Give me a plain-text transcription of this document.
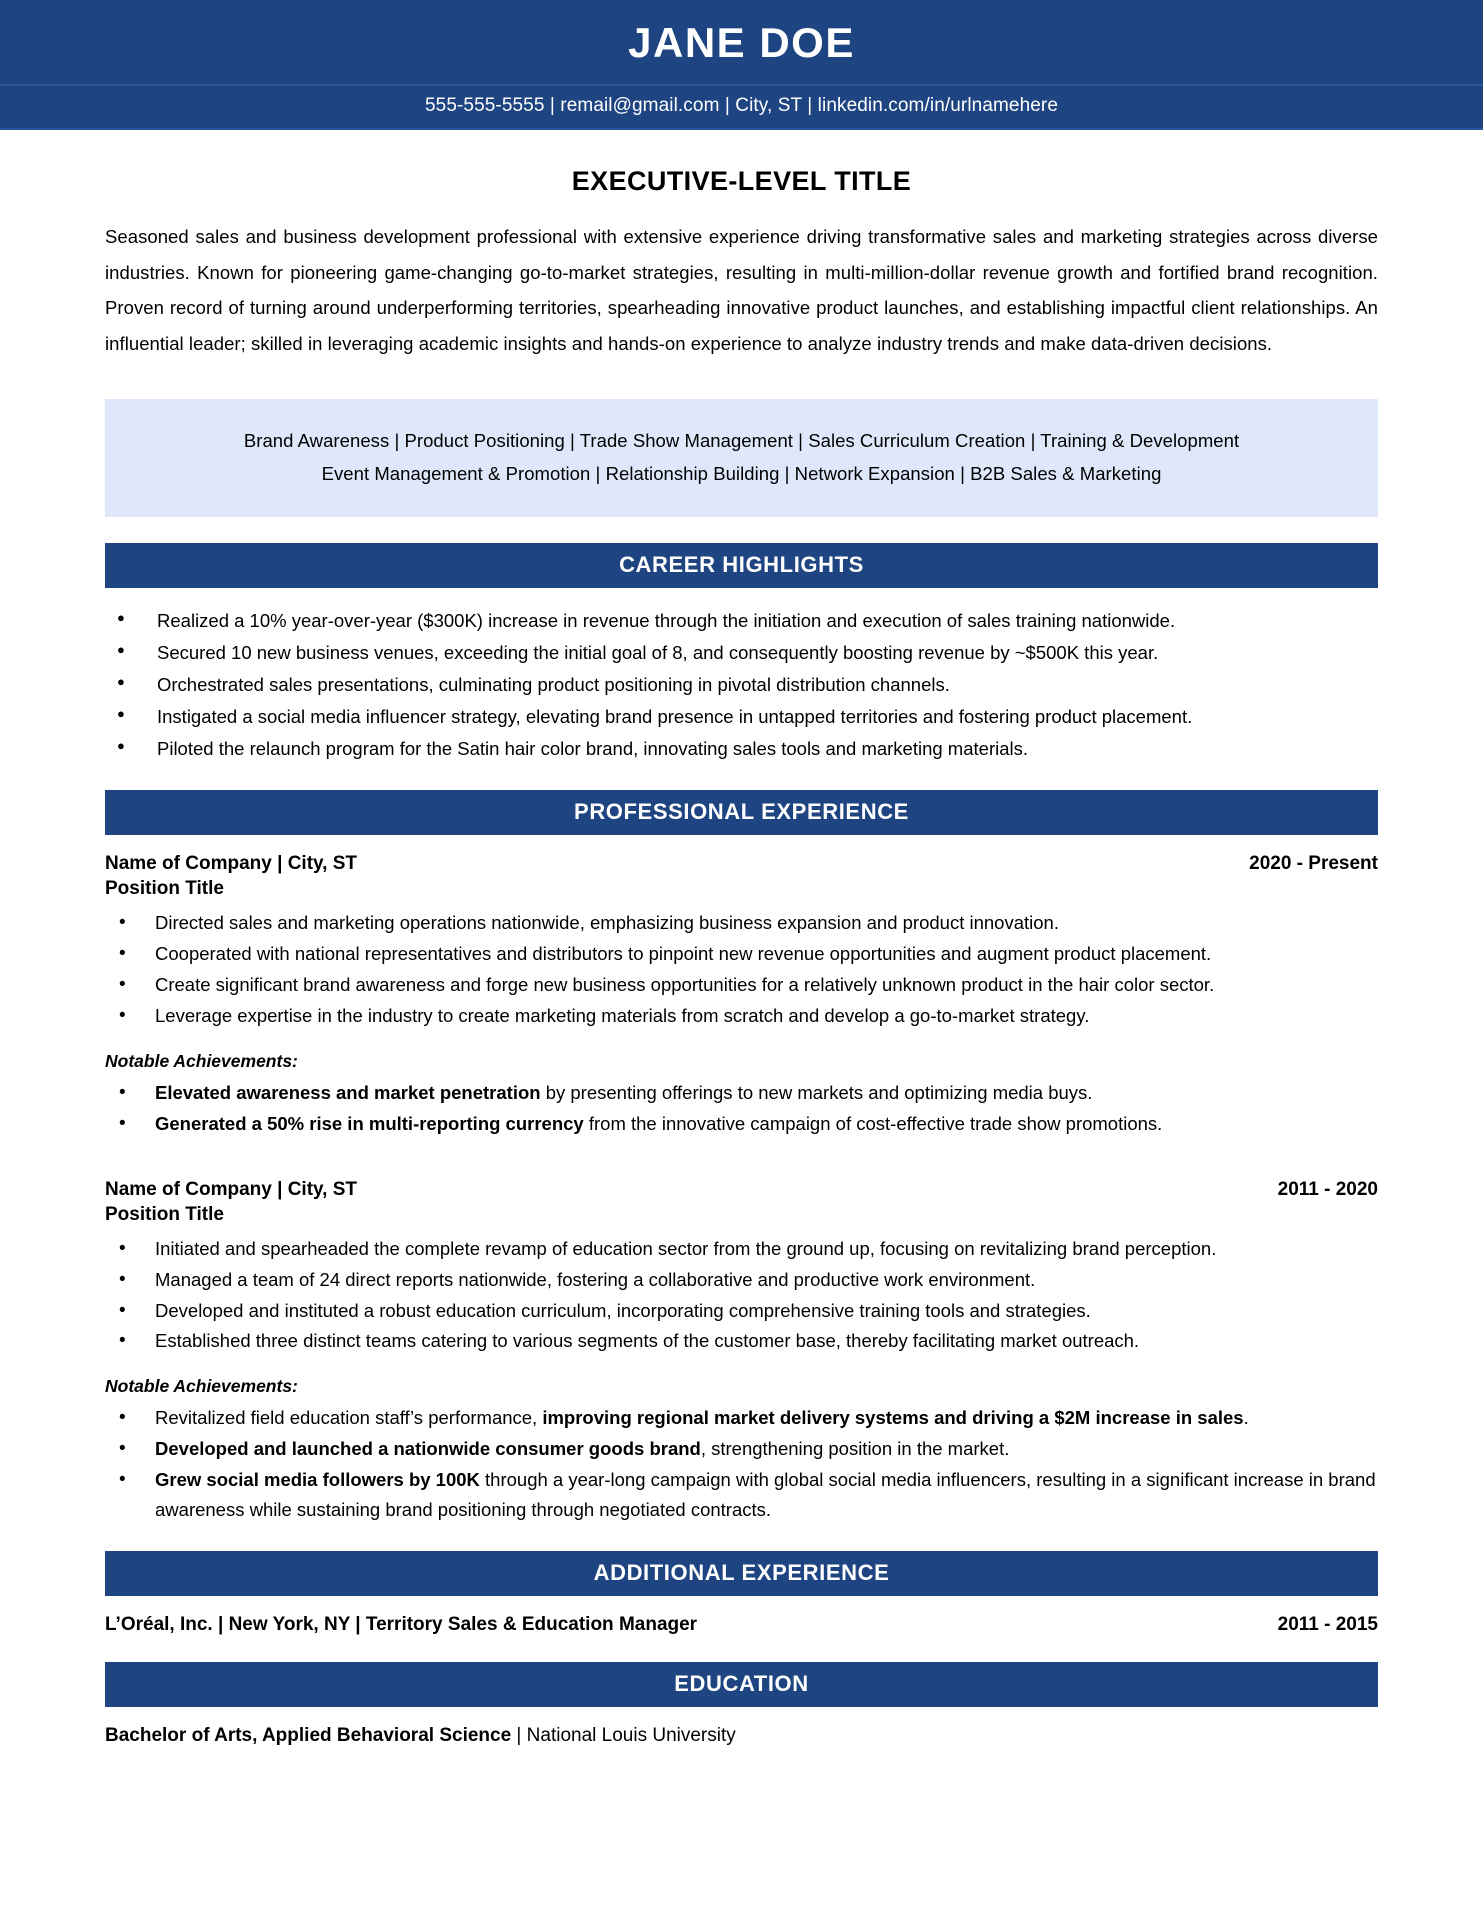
JANE DOE
555-555-5555 | remail@gmail.com | City, ST | linkedin.com/in/urlnamehere
EXECUTIVE-LEVEL TITLE
Seasoned sales and business development professional with extensive experience driving transformative sales and marketing strategies across diverse industries. Known for pioneering game-changing go-to-market strategies, resulting in multi-million-dollar revenue growth and fortified brand recognition. Proven record of turning around underperforming territories, spearheading innovative product launches, and establishing impactful client relationships. An influential leader; skilled in leveraging academic insights and hands-on experience to analyze industry trends and make data-driven decisions.
Brand Awareness | Product Positioning | Trade Show Management | Sales Curriculum Creation | Training & Development
Event Management & Promotion | Relationship Building | Network Expansion | B2B Sales & Marketing
CAREER HIGHLIGHTS
● Realized a 10% year-over-year ($300K) increase in revenue through the initiation and execution of sales training nationwide.
● Secured 10 new business venues, exceeding the initial goal of 8, and consequently boosting revenue by ~$500K this year.
● Orchestrated sales presentations, culminating product positioning in pivotal distribution channels.
● Instigated a social media influencer strategy, elevating brand presence in untapped territories and fostering product placement.
● Piloted the relaunch program for the Satin hair color brand, innovating sales tools and marketing materials.
PROFESSIONAL EXPERIENCE
Name of Company | City, ST	2020 - Present
Position Title
• Directed sales and marketing operations nationwide, emphasizing business expansion and product innovation.
• Cooperated with national representatives and distributors to pinpoint new revenue opportunities and augment product placement.
• Create significant brand awareness and forge new business opportunities for a relatively unknown product in the hair color sector.
• Leverage expertise in the industry to create marketing materials from scratch and develop a go-to-market strategy.
Notable Achievements:
• Elevated awareness and market penetration by presenting offerings to new markets and optimizing media buys.
• Generated a 50% rise in multi-reporting currency from the innovative campaign of cost-effective trade show promotions.
Name of Company | City, ST	2011 - 2020
Position Title
• Initiated and spearheaded the complete revamp of education sector from the ground up, focusing on revitalizing brand perception.
• Managed a team of 24 direct reports nationwide, fostering a collaborative and productive work environment.
• Developed and instituted a robust education curriculum, incorporating comprehensive training tools and strategies.
• Established three distinct teams catering to various segments of the customer base, thereby facilitating market outreach.
Notable Achievements:
• Revitalized field education staff’s performance, improving regional market delivery systems and driving a $2M increase in sales.
• Developed and launched a nationwide consumer goods brand, strengthening position in the market.
• Grew social media followers by 100K through a year-long campaign with global social media influencers, resulting in a significant increase in brand awareness while sustaining brand positioning through negotiated contracts.
ADDITIONAL EXPERIENCE
L’Oréal, Inc. | New York, NY | Territory Sales & Education Manager	2011 - 2015
EDUCATION
Bachelor of Arts, Applied Behavioral Science | National Louis University
